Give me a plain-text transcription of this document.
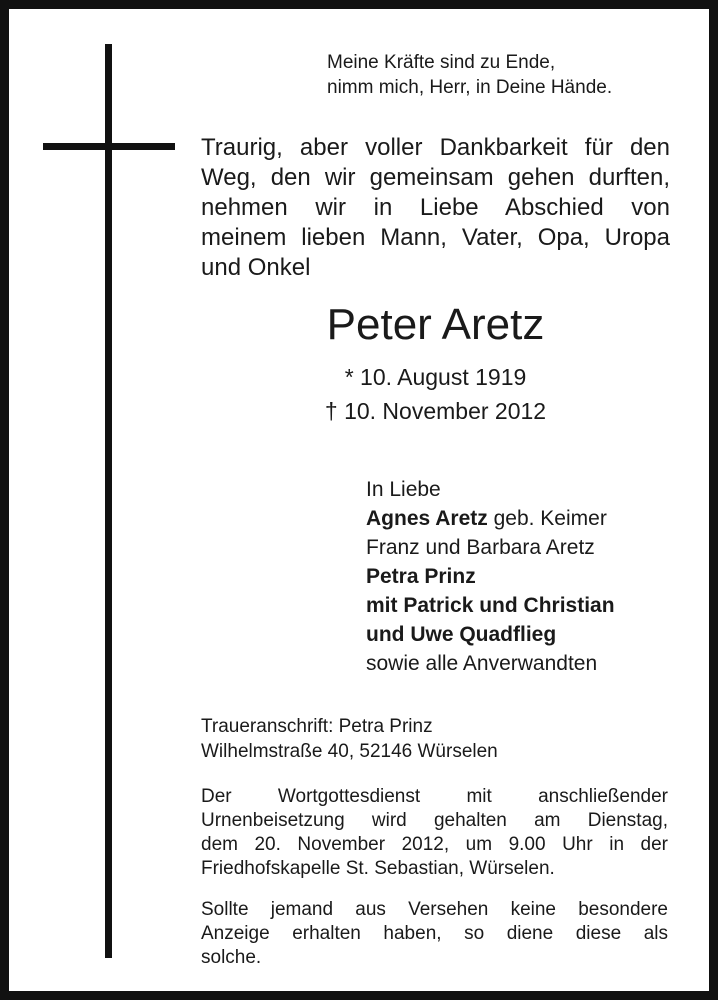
Meine Kräfte sind zu Ende,
nimm mich, Herr, in Deine Hände.
Traurig, aber voller Dankbarkeit für den
Weg, den wir gemeinsam gehen durften,
nehmen wir in Liebe Abschied von
meinem lieben Mann, Vater, Opa, Uropa
und Onkel
Peter Aretz
* 10. August 1919
† 10. November 2012
In Liebe
Agnes Aretz geb. Keimer
Franz und Barbara Aretz
Petra Prinz
mit Patrick und Christian
und Uwe Quadflieg
sowie alle Anverwandten
Traueranschrift: Petra Prinz
Wilhelmstraße 40, 52146 Würselen
Der Wortgottesdienst mit anschließender
Urnenbeisetzung wird gehalten am Dienstag,
dem 20. November 2012, um 9.00 Uhr in der
Friedhofskapelle St. Sebastian, Würselen.
Sollte jemand aus Versehen keine besondere
Anzeige erhalten haben, so diene diese als
solche.
